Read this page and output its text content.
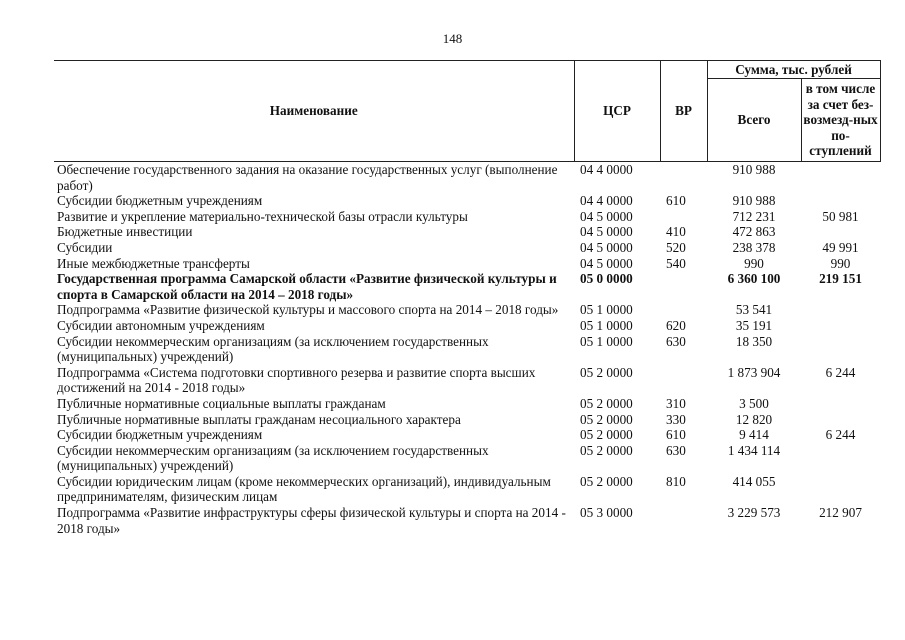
148
Наименование	ЦСР	ВР	Сумма, тыс. рублей	
			Всего	в том числе за счет без-возмезд-ных по-ступлений
Обеспечение государственного задания на оказание государственных услуг (выполнение работ)	04 4 0000		910 988	
Субсидии бюджетным учреждениям	04 4 0000	610	910 988	
Развитие и укрепление материально-технической базы отрасли культуры	04 5 0000		712 231	50 981
Бюджетные инвестиции	04 5 0000	410	472 863	
Субсидии	04 5 0000	520	238 378	49 991
Иные межбюджетные трансферты	04 5 0000	540	990	990
Государственная программа Самарской области «Развитие физической культуры и спорта в Самарской области на 2014 – 2018 годы»	05 0 0000		6 360 100	219 151
Подпрограмма «Развитие физической культуры и массового спорта на 2014 – 2018 годы»	05 1 0000		53 541	
Субсидии автономным учреждениям	05 1 0000	620	35 191	
Субсидии некоммерческим организациям (за исключением государственных (муниципальных) учреждений)	05 1 0000	630	18 350	
Подпрограмма «Система подготовки спортивного резерва и развитие спорта высших достижений на 2014 - 2018 годы»	05 2 0000		1 873 904	6 244
Публичные нормативные социальные выплаты гражданам	05 2 0000	310	3 500	
Публичные нормативные выплаты гражданам несоциального характера	05 2 0000	330	12 820	
Субсидии бюджетным учреждениям	05 2 0000	610	9 414	6 244
Субсидии некоммерческим организациям (за исключением государственных (муниципальных) учреждений)	05 2 0000	630	1 434 114	
Субсидии юридическим лицам (кроме некоммерческих организаций), индивидуальным предпринимателям, физическим лицам	05 2 0000	810	414 055	
Подпрограмма «Развитие инфраструктуры сферы физической культуры и спорта на 2014 - 2018 годы»	05 3 0000		3 229 573	212 907
